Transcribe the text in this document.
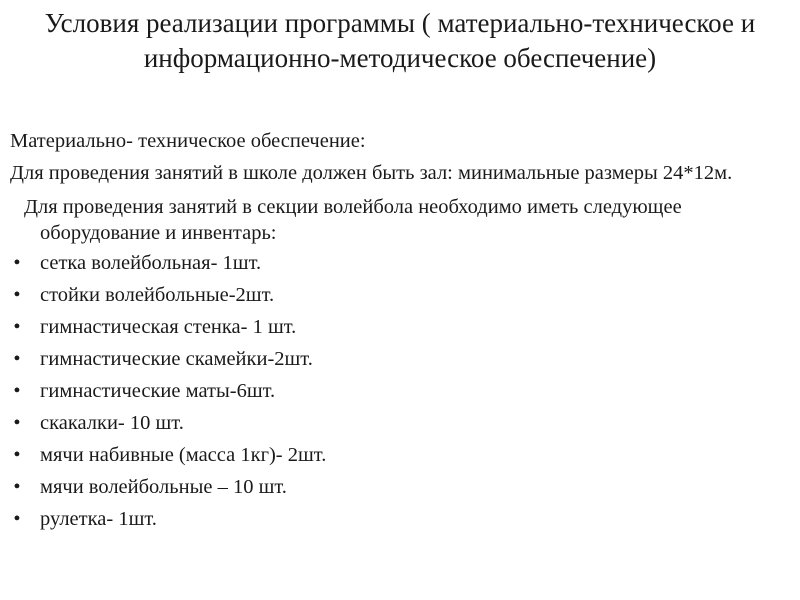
Условия реализации программы ( материально-техническое и информационно-методическое обеспечение)

Материально- техническое обеспечение:

Для проведения занятий в школе должен быть зал: минимальные размеры 24*12м.

Для проведения занятий в секции волейбола необходимо иметь следующее оборудование и инвентарь:

• сетка волейбольная- 1шт.
• стойки волейбольные-2шт.
• гимнастическая стенка- 1 шт.
• гимнастические скамейки-2шт.
• гимнастические маты-6шт.
• скакалки- 10 шт.
• мячи набивные (масса 1кг)- 2шт.
• мячи волейбольные – 10 шт.
• рулетка- 1шт.
